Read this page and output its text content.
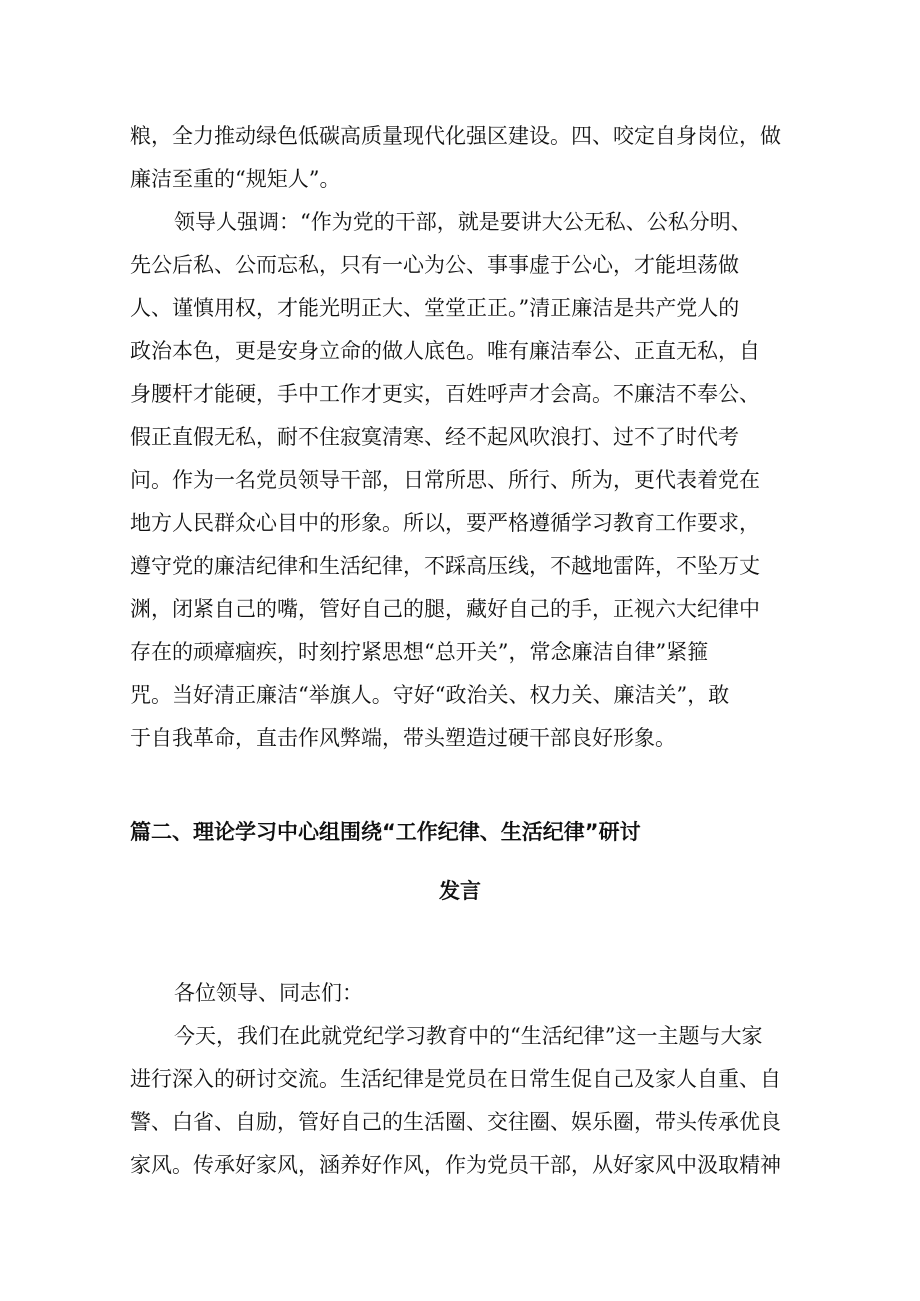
粮，全力推动绿色低碳高质量现代化强区建设。四、咬定自身岗位，做
廉洁至重的“规矩人”。
领导人强调：“作为党的干部，就是要讲大公无私、公私分明、
先公后私、公而忘私，只有一心为公、事事虚于公心，才能坦荡做
人、谨慎用权，才能光明正大、堂堂正正。”清正廉洁是共产党人的
政治本色，更是安身立命的做人底色。唯有廉洁奉公、正直无私，自
身腰杆才能硬，手中工作才更实，百姓呼声才会高。不廉洁不奉公、
假正直假无私，耐不住寂寞清寒、经不起风吹浪打、过不了时代考
问。作为一名党员领导干部，日常所思、所行、所为，更代表着党在
地方人民群众心目中的形象。所以，要严格遵循学习教育工作要求，
遵守党的廉洁纪律和生活纪律，不踩高压线，不越地雷阵，不坠万丈
渊，闭紧自己的嘴，管好自己的腿，藏好自己的手，正视六大纪律中
存在的顽瘴痼疾，时刻拧紧思想“总开关”，常念廉洁自律”紧箍
咒。当好清正廉洁“举旗人。守好“政治关、权力关、廉洁关”，敢
于自我革命，直击作风弊端，带头塑造过硬干部良好形象。
篇二、理论学习中心组围绕“工作纪律、生活纪律”研讨
发言
各位领导、同志们：
今天，我们在此就党纪学习教育中的“生活纪律”这一主题与大家
进行深入的研讨交流。生活纪律是党员在日常生促自己及家人自重、自
警、白省、自励，管好自己的生活圈、交往圈、娱乐圈，带头传承优良
家风。传承好家风，涵养好作风，作为党员干部，从好家风中汲取精神
